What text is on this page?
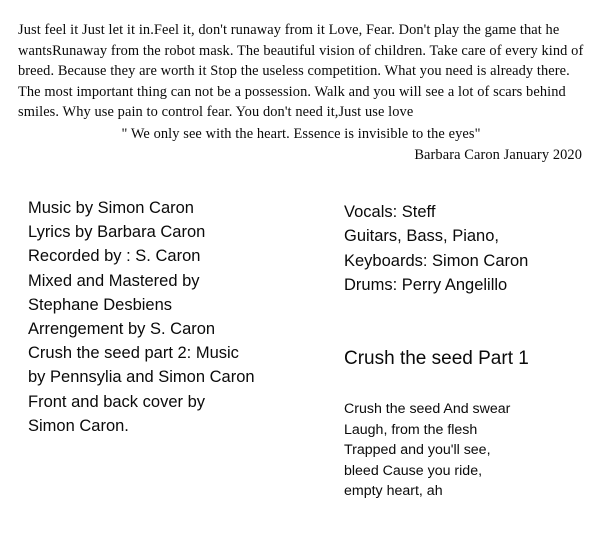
Just feel it Just let it in.Feel it, don't runaway from it Love, Fear. Don't play the game that he wantsRunaway from the robot mask. The beautiful vision of children. Take care of every kind of breed. Because they are worth it Stop the useless competition. What you need is already there. The most important thing can not be a possession. Walk and you will see a lot of scars behind smiles. Why use pain to control fear. You don't need it,Just use love

" We only see with the heart. Essence is invisible to the eyes"

Barbara Caron January 2020

Music by Simon Caron
Lyrics by Barbara Caron
Recorded by : S. Caron
Mixed and Mastered by
Stephane Desbiens
Arrengement by S. Caron
Crush the seed part 2: Music
by Pennsylia and Simon Caron
Front and back cover by
Simon Caron.
Vocals: Steff
Guitars, Bass, Piano,
Keyboards: Simon Caron
Drums: Perry Angelillo
Crush the seed Part 1
Crush the seed And swear
Laugh, from the flesh
Trapped and you'll see,
bleed Cause you ride,
empty heart, ah
